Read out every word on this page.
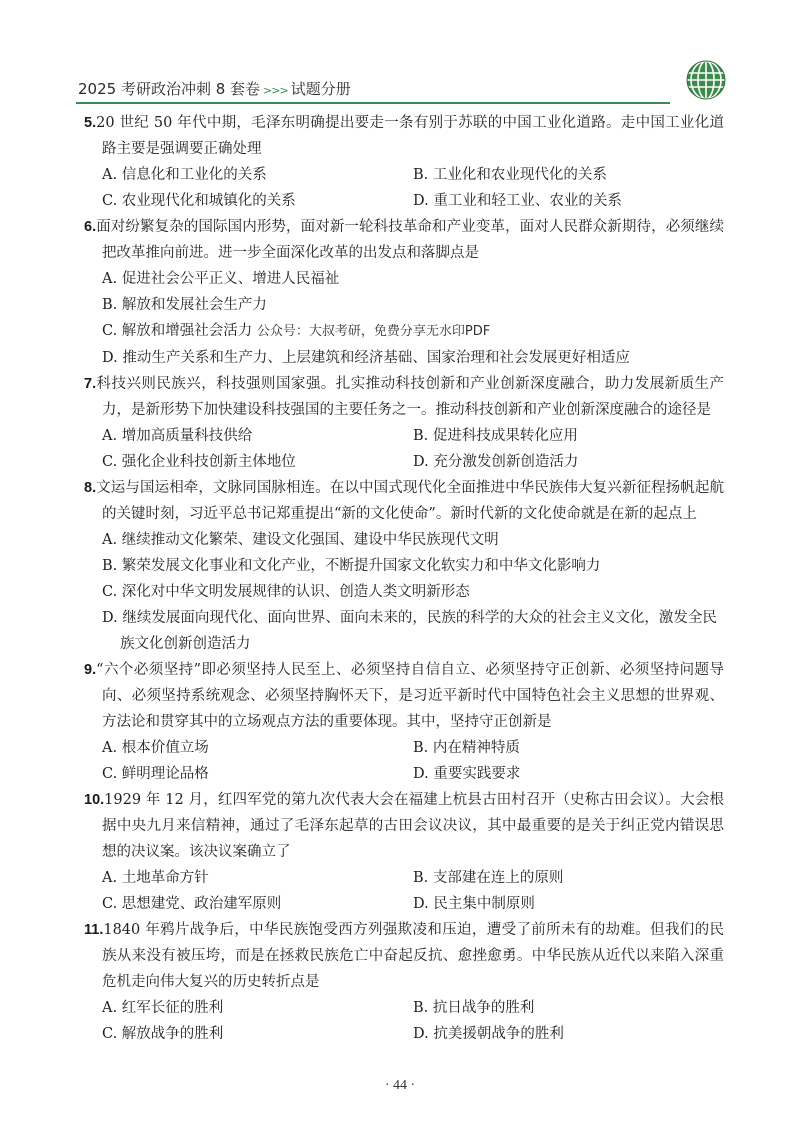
2025 考研政治冲刺 8 套卷 >>> 试题分册

5.20 世纪 50 年代中期，毛泽东明确提出要走一条有别于苏联的中国工业化道路。走中国工业化道路主要是强调要正确处理

A. 信息化和工业化的关系	B. 工业化和农业现代化的关系
C. 农业现代化和城镇化的关系	D. 重工业和轻工业、农业的关系

6.面对纷繁复杂的国际国内形势，面对新一轮科技革命和产业变革，面对人民群众新期待，必须继续把改革推向前进。进一步全面深化改革的出发点和落脚点是

A. 促进社会公平正义、增进人民福祉
B. 解放和发展社会生产力
C. 解放和增强社会活力 公众号：大叔考研，免费分享无水印PDF
D. 推动生产关系和生产力、上层建筑和经济基础、国家治理和社会发展更好相适应

7.科技兴则民族兴，科技强则国家强。扎实推动科技创新和产业创新深度融合，助力发展新质生产力，是新形势下加快建设科技强国的主要任务之一。推动科技创新和产业创新深度融合的途径是

A. 增加高质量科技供给	B. 促进科技成果转化应用
C. 强化企业科技创新主体地位	D. 充分激发创新创造活力

8.文运与国运相牵，文脉同国脉相连。在以中国式现代化全面推进中华民族伟大复兴新征程扬帆起航的关键时刻，习近平总书记郑重提出“新的文化使命”。新时代新的文化使命就是在新的起点上

A. 继续推动文化繁荣、建设文化强国、建设中华民族现代文明
B. 繁荣发展文化事业和文化产业，不断提升国家文化软实力和中华文化影响力
C. 深化对中华文明发展规律的认识、创造人类文明新形态
D. 继续发展面向现代化、面向世界、面向未来的，民族的科学的大众的社会主义文化，激发全民族文化创新创造活力

9.“六个必须坚持”即必须坚持人民至上、必须坚持自信自立、必须坚持守正创新、必须坚持问题导向、必须坚持系统观念、必须坚持胸怀天下，是习近平新时代中国特色社会主义思想的世界观、方法论和贯穿其中的立场观点方法的重要体现。其中，坚持守正创新是

A. 根本价值立场	B. 内在精神特质
C. 鲜明理论品格	D. 重要实践要求

10.1929 年 12 月，红四军党的第九次代表大会在福建上杭县古田村召开（史称古田会议）。大会根据中央九月来信精神，通过了毛泽东起草的古田会议决议，其中最重要的是关于纠正党内错误思想的决议案。该决议案确立了

A. 土地革命方针	B. 支部建在连上的原则
C. 思想建党、政治建军原则	D. 民主集中制原则

11.1840 年鸦片战争后，中华民族饱受西方列强欺凌和压迫，遭受了前所未有的劫难。但我们的民族从来没有被压垮，而是在拯救民族危亡中奋起反抗、愈挫愈勇。中华民族从近代以来陷入深重危机走向伟大复兴的历史转折点是

A. 红军长征的胜利	B. 抗日战争的胜利
C. 解放战争的胜利	D. 抗美援朝战争的胜利
· 44 ·
